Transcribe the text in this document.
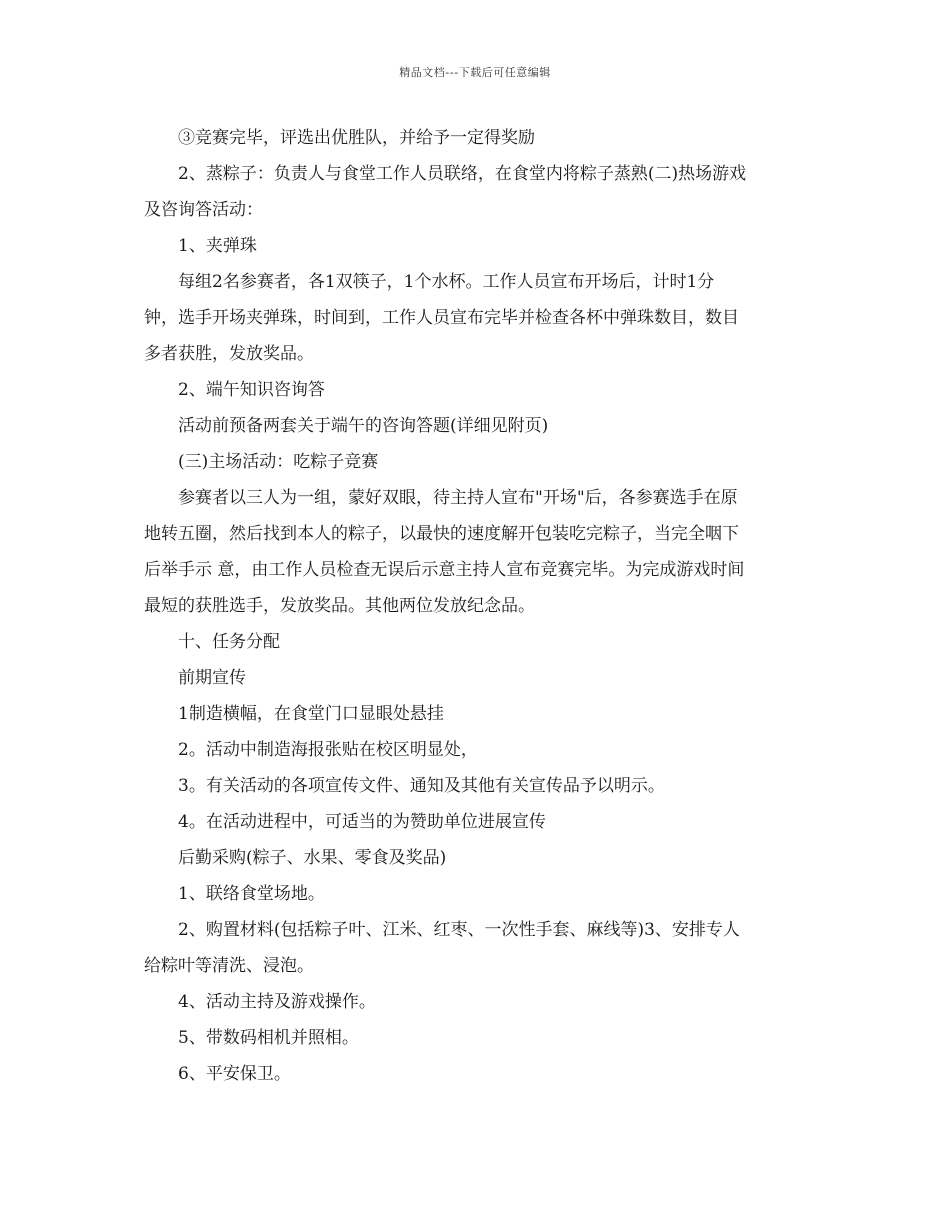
精品文档---下载后可任意编辑

③竞赛完毕，评选出优胜队，并给予一定得奖励

2、蒸粽子：负责人与食堂工作人员联络，在食堂内将粽子蒸熟(二)热场游戏

及咨询答活动：

1、夹弹珠

每组2名参赛者，各1双筷子，1个水杯。工作人员宣布开场后，计时1分

钟，选手开场夹弹珠，时间到，工作人员宣布完毕并检查各杯中弹珠数目，数目

多者获胜，发放奖品。

2、端午知识咨询答

活动前预备两套关于端午的咨询答题(详细见附页)

(三)主场活动：吃粽子竞赛

参赛者以三人为一组，蒙好双眼，待主持人宣布"开场"后，各参赛选手在原

地转五圈，然后找到本人的粽子，以最快的速度解开包装吃完粽子，当完全咽下

后举手示 意，由工作人员检查无误后示意主持人宣布竞赛完毕。为完成游戏时间

最短的获胜选手，发放奖品。其他两位发放纪念品。

十、任务分配

前期宣传

1制造横幅，在食堂门口显眼处悬挂

2。活动中制造海报张贴在校区明显处，

3。有关活动的各项宣传文件、通知及其他有关宣传品予以明示。

4。在活动进程中，可适当的为赞助单位进展宣传

后勤采购(粽子、水果、零食及奖品)

1、联络食堂场地。

2、购置材料(包括粽子叶、江米、红枣、一次性手套、麻线等)3、安排专人

给粽叶等清洗、浸泡。

4、活动主持及游戏操作。

5、带数码相机并照相。

6、平安保卫。
